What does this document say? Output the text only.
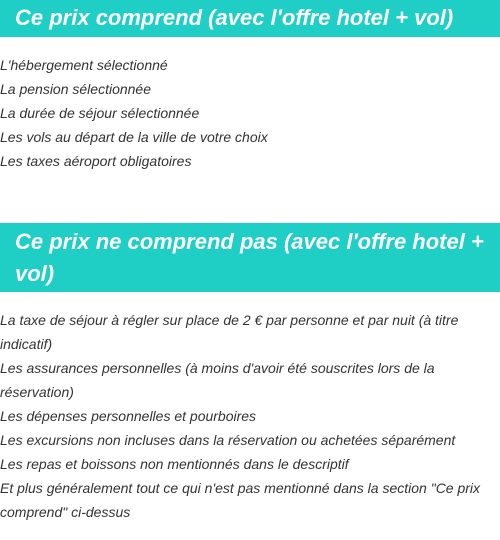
Ce prix comprend (avec l'offre hotel + vol)
L'hébergement sélectionné
La pension sélectionnée
La durée de séjour sélectionnée
Les vols au départ de la ville de votre choix
Les taxes aéroport obligatoires
Ce prix ne comprend pas (avec l'offre hotel + vol)
La taxe de séjour à régler sur place de 2 € par personne et par nuit (à titre indicatif)
Les assurances personnelles (à moins d'avoir été souscrites lors de la réservation)
Les dépenses personnelles et pourboires
Les excursions non incluses dans la réservation ou achetées séparément
Les repas et boissons non mentionnés dans le descriptif
Et plus généralement tout ce qui n'est pas mentionné dans la section "Ce prix comprend" ci-dessus
